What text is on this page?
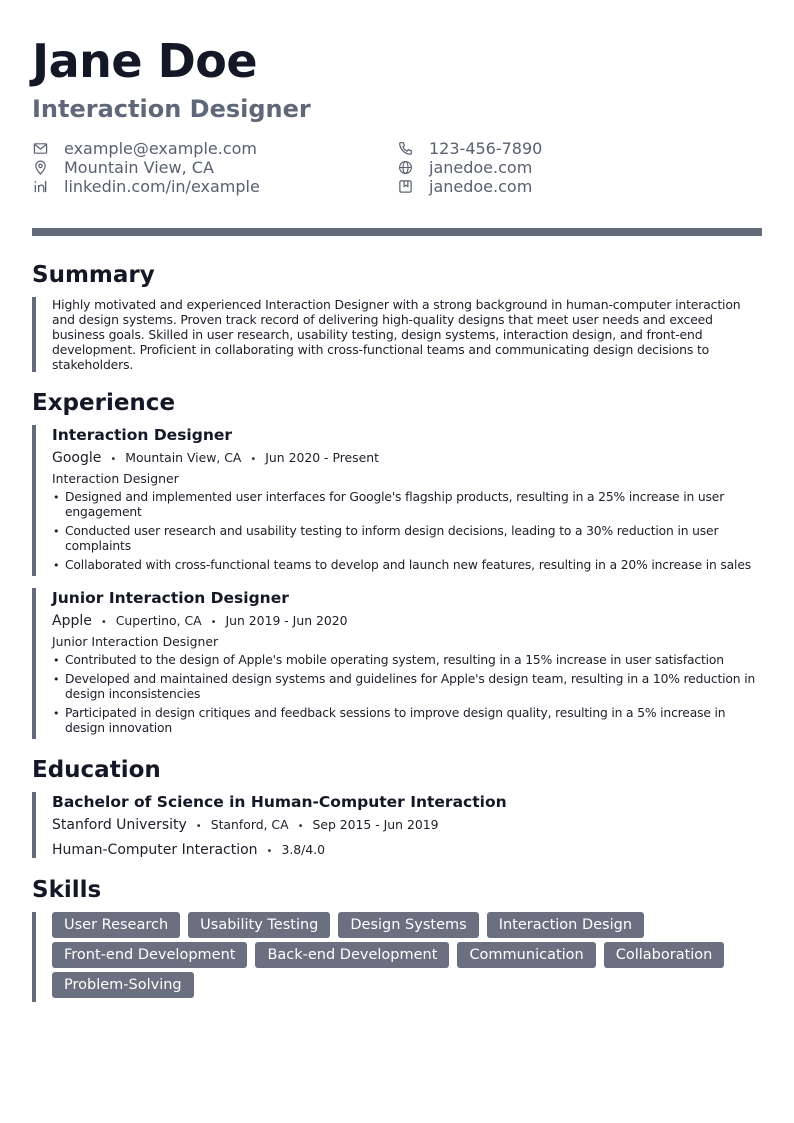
Jane Doe
Interaction Designer
example@example.com
Mountain View, CA
linkedin.com/in/example
123-456-7890
janedoe.com
janedoe.com
Summary

Highly motivated and experienced Interaction Designer with a strong background in human-computer interaction and design systems. Proven track record of delivering high-quality designs that meet user needs and exceed business goals. Skilled in user research, usability testing, design systems, interaction design, and front-end development. Proficient in collaborating with cross-functional teams and communicating design decisions to stakeholders.

Experience

Interaction Designer

Google • Mountain View, CA • Jun 2020 - Present
Interaction Designer
• Designed and implemented user interfaces for Google's flagship products, resulting in a 25% increase in user engagement
• Conducted user research and usability testing to inform design decisions, leading to a 30% reduction in user complaints
• Collaborated with cross-functional teams to develop and launch new features, resulting in a 20% increase in sales

Junior Interaction Designer

Apple • Cupertino, CA • Jun 2019 - Jun 2020
Junior Interaction Designer
• Contributed to the design of Apple's mobile operating system, resulting in a 15% increase in user satisfaction
• Developed and maintained design systems and guidelines for Apple's design team, resulting in a 10% reduction in design inconsistencies
• Participated in design critiques and feedback sessions to improve design quality, resulting in a 5% increase in design innovation
Education

Bachelor of Science in Human-Computer Interaction

Stanford University • Stanford, CA • Sep 2015 - Jun 2019
Human-Computer Interaction • 3.8/4.0
Skills
User Research	Usability Testing	Design Systems	Interaction Design
Front-end Development	Back-end Development	Communication	Collaboration
Problem-Solving
